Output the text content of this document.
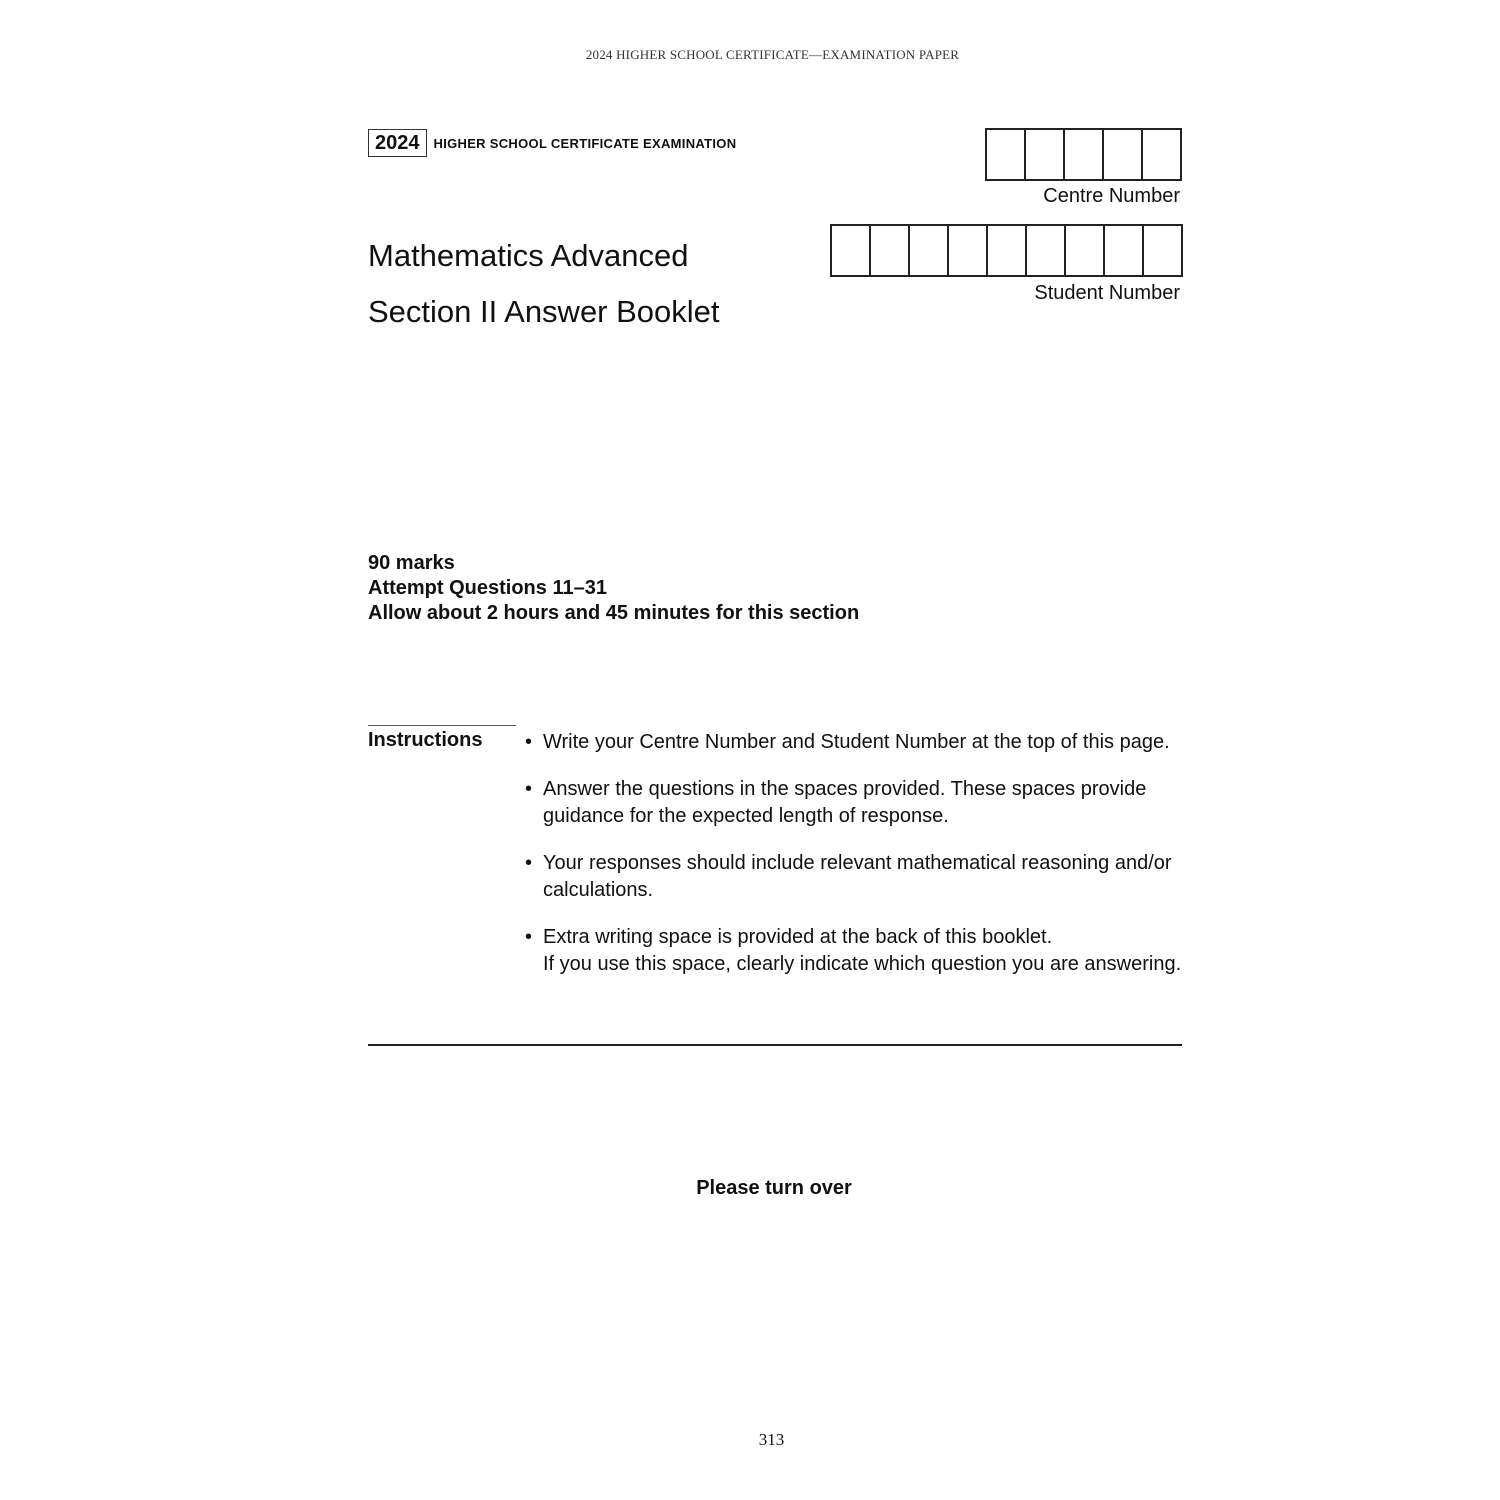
2024 HIGHER SCHOOL CERTIFICATE—EXAMINATION PAPER
2024	HIGHER SCHOOL CERTIFICATE EXAMINATION
Centre Number
Student Number
Mathematics Advanced
Section II Answer Booklet
90 marks
Attempt Questions 11–31
Allow about 2 hours and 45 minutes for this section
Instructions • Write your Centre Number and Student Number at the top of this page.
• Answer the questions in the spaces provided. These spaces provide guidance for the expected length of response.
• Your responses should include relevant mathematical reasoning and/or calculations.
• Extra writing space is provided at the back of this booklet.
If you use this space, clearly indicate which question you are answering.
Please turn over
313
